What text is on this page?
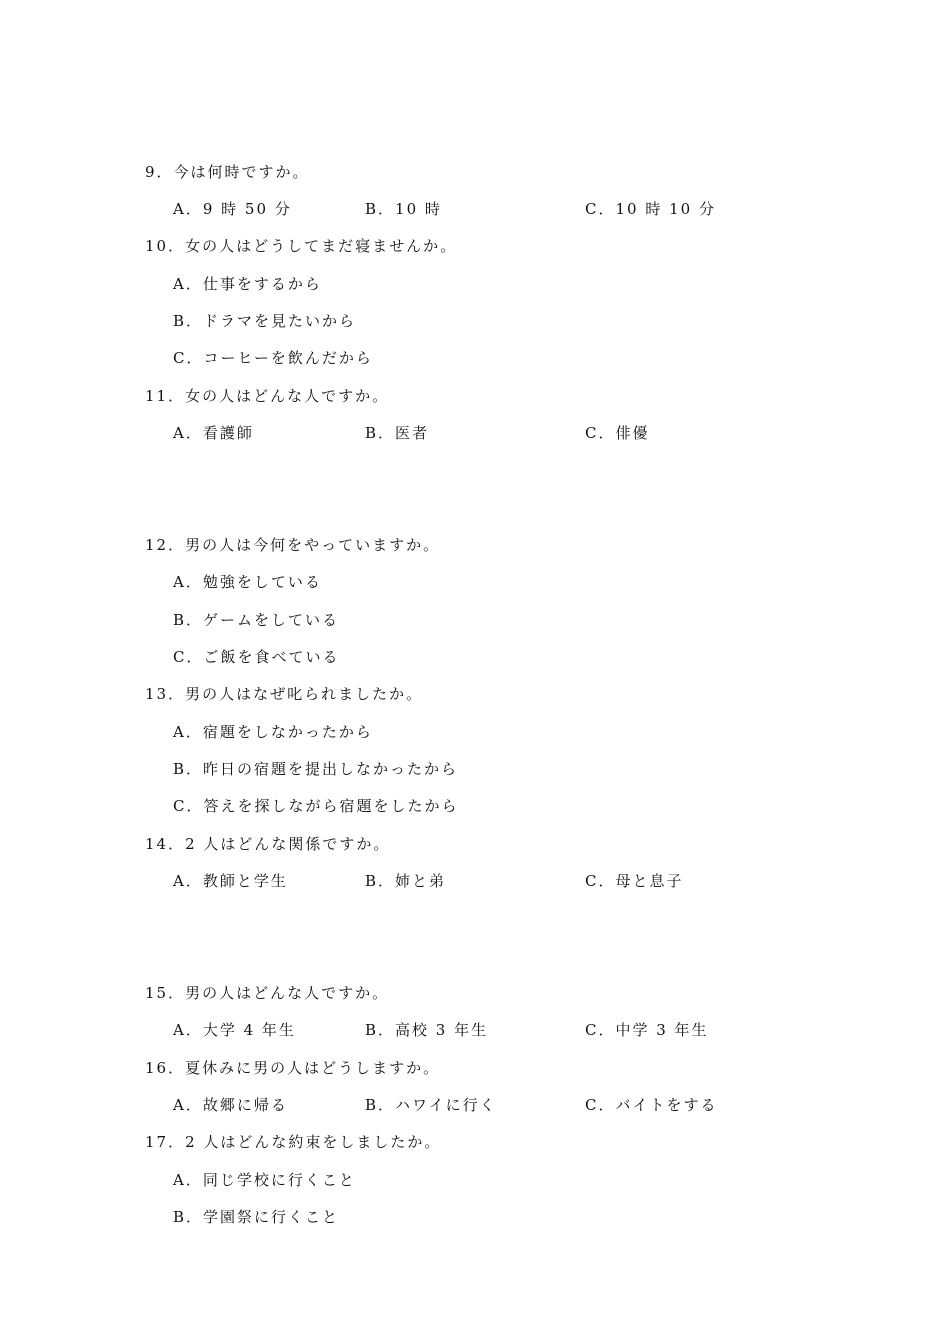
9．今は何時ですか。
A．9 時 50 分	B．10 時	C．10 時 10 分
10．女の人はどうしてまだ寝ませんか。
A．仕事をするから
B．ドラマを見たいから
C．コーヒーを飲んだから
11．女の人はどんな人ですか。
A．看護師	B．医者	C．俳優
12．男の人は今何をやっていますか。
A．勉強をしている
B．ゲームをしている
C．ご飯を食べている
13．男の人はなぜ叱られましたか。
A．宿題をしなかったから
B．昨日の宿題を提出しなかったから
C．答えを探しながら宿題をしたから
14．2 人はどんな関係ですか。
A．教師と学生	B．姉と弟	C．母と息子
15．男の人はどんな人ですか。
A．大学 4 年生	B．高校 3 年生	C．中学 3 年生
16．夏休みに男の人はどうしますか。
A．故郷に帰る	B．ハワイに行く	C．バイトをする
17．2 人はどんな約束をしましたか。
A．同じ学校に行くこと
B．学園祭に行くこと
